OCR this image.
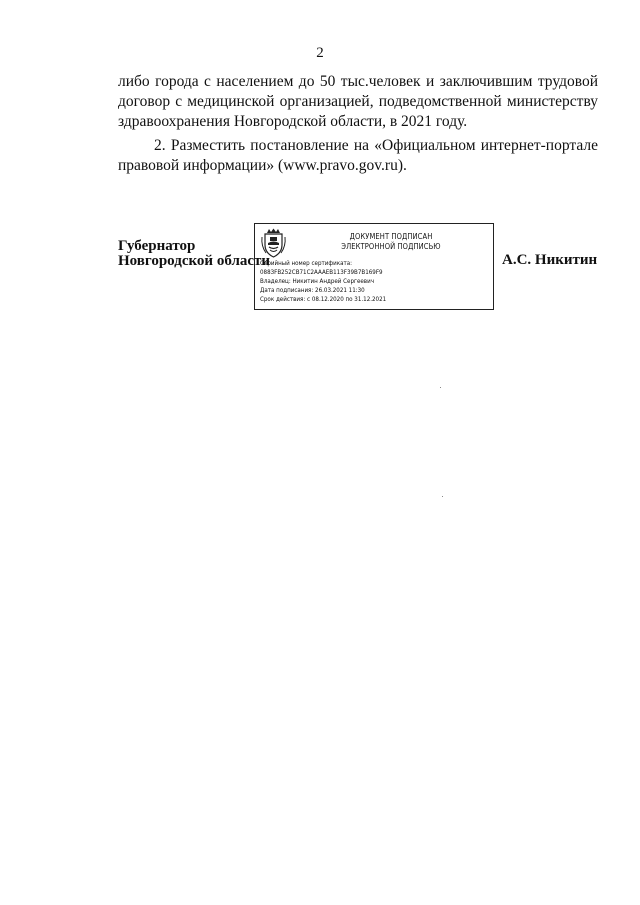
2

либо города с населением до 50 тыс.человек и заключившим трудовой договор с медицинской организацией, подведомственной министерству здравоохранения Новгородской области, в 2021 году.

2. Разместить постановление на «Официальном интернет-портале правовой информации» (www.pravo.gov.ru).

Губернатор
Новгородской области
ДОКУМЕНТ ПОДПИСАН
ЭЛЕКТРОННОЙ ПОДПИСЬЮ
Серийный номер сертификата:
0883FB252CB71C2AAAEB113F39B7B169F9
Владелец: Никитин Андрей Сергеевич
Дата подписания: 26.03.2021 11:30
Срок действия: с 08.12.2020 по 31.12.2021
А.С. Никитин
